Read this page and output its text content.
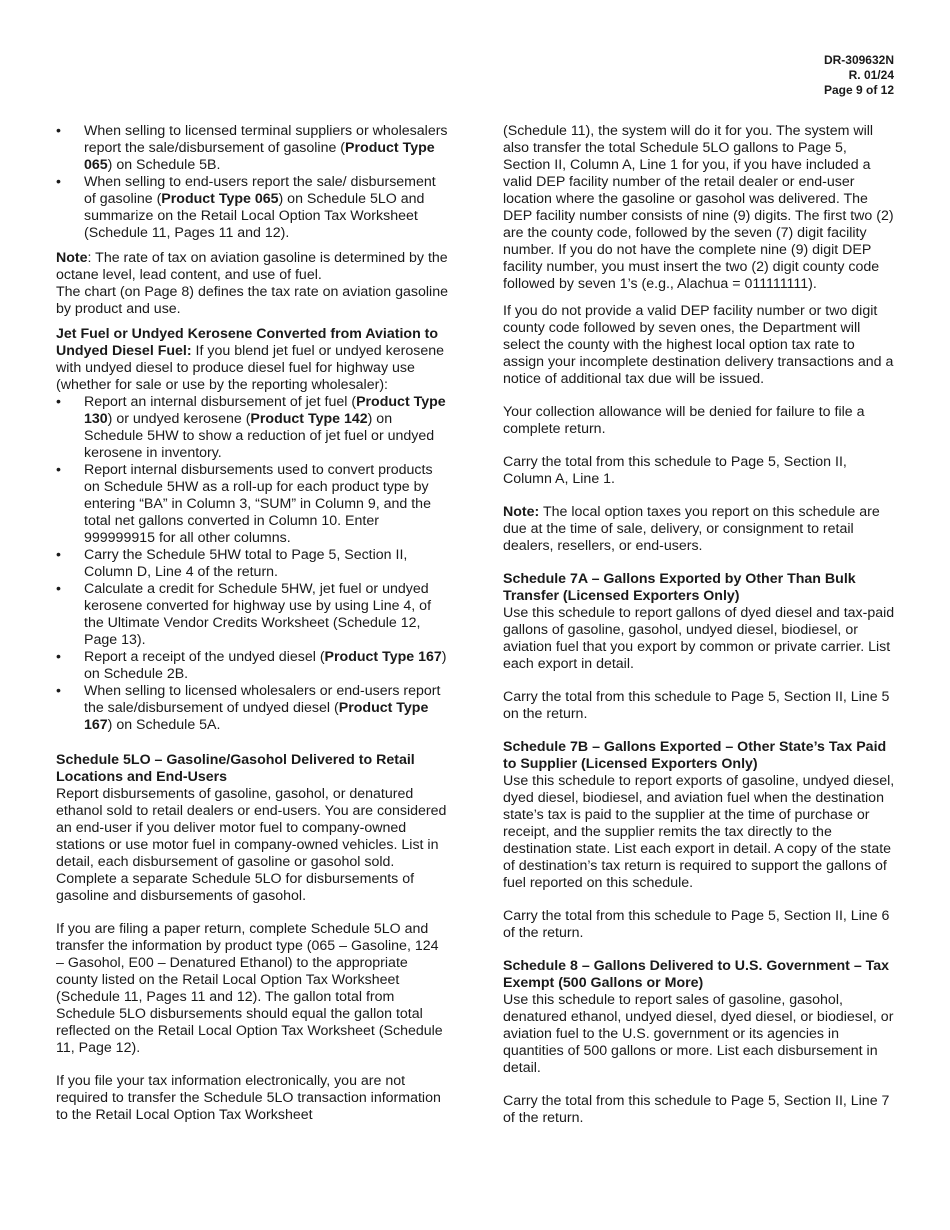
DR-309632N
R. 01/24
Page 9 of 12
• When selling to licensed terminal suppliers or wholesalers report the sale/disbursement of gasoline (Product Type 065) on Schedule 5B.
• When selling to end-users report the sale/ disbursement of gasoline (Product Type 065) on Schedule 5LO and summarize on the Retail Local Option Tax Worksheet (Schedule 11, Pages 11 and 12).

Note: The rate of tax on aviation gasoline is determined by the octane level, lead content, and use of fuel.

The chart (on Page 8) defines the tax rate on aviation gasoline by product and use.

Jet Fuel or Undyed Kerosene Converted from Aviation to Undyed Diesel Fuel: If you blend jet fuel or undyed kerosene with undyed diesel to produce diesel fuel for highway use (whether for sale or use by the reporting wholesaler):

• Report an internal disbursement of jet fuel (Product Type 130) or undyed kerosene (Product Type 142) on Schedule 5HW to show a reduction of jet fuel or undyed kerosene in inventory.
• Report internal disbursements used to convert products on Schedule 5HW as a roll-up for each product type by entering “BA” in Column 3, “SUM” in Column 9, and the total net gallons converted in Column 10. Enter 999999915 for all other columns.
• Carry the Schedule 5HW total to Page 5, Section II, Column D, Line 4 of the return.
• Calculate a credit for Schedule 5HW, jet fuel or undyed kerosene converted for highway use by using Line 4, of the Ultimate Vendor Credits Worksheet (Schedule 12, Page 13).
• Report a receipt of the undyed diesel (Product Type 167) on Schedule 2B.
• When selling to licensed wholesalers or end-users report the sale/disbursement of undyed diesel (Product Type 167) on Schedule 5A.
Schedule 5LO – Gasoline/Gasohol Delivered to Retail Locations and End-Users

Report disbursements of gasoline, gasohol, or denatured ethanol sold to retail dealers or end-users. You are considered an end-user if you deliver motor fuel to company-owned stations or use motor fuel in company-owned vehicles. List in detail, each disbursement of gasoline or gasohol sold. Complete a separate Schedule 5LO for disbursements of gasoline and disbursements of gasohol.

If you are filing a paper return, complete Schedule 5LO and transfer the information by product type (065 – Gasoline, 124 – Gasohol, E00 – Denatured Ethanol) to the appropriate county listed on the Retail Local Option Tax Worksheet (Schedule 11, Pages 11 and 12). The gallon total from Schedule 5LO disbursements should equal the gallon total reflected on the Retail Local Option Tax Worksheet (Schedule 11, Page 12).

If you file your tax information electronically, you are not required to transfer the Schedule 5LO transaction information to the Retail Local Option Tax Worksheet

(Schedule 11), the system will do it for you. The system will also transfer the total Schedule 5LO gallons to Page 5, Section II, Column A, Line 1 for you, if you have included a valid DEP facility number of the retail dealer or end-user location where the gasoline or gasohol was delivered. The DEP facility number consists of nine (9) digits. The first two (2) are the county code, followed by the seven (7) digit facility number. If you do not have the complete nine (9) digit DEP facility number, you must insert the two (2) digit county code followed by seven 1’s (e.g., Alachua = 011111111).

If you do not provide a valid DEP facility number or two digit county code followed by seven ones, the Department will select the county with the highest local option tax rate to assign your incomplete destination delivery transactions and a notice of additional tax due will be issued.

Your collection allowance will be denied for failure to file a complete return.

Carry the total from this schedule to Page 5, Section II, Column A, Line 1.

Note: The local option taxes you report on this schedule are due at the time of sale, delivery, or consignment to retail dealers, resellers, or end-users.

Schedule 7A – Gallons Exported by Other Than Bulk Transfer (Licensed Exporters Only)

Use this schedule to report gallons of dyed diesel and tax-paid gallons of gasoline, gasohol, undyed diesel, biodiesel, or aviation fuel that you export by common or private carrier. List each export in detail.

Carry the total from this schedule to Page 5, Section II, Line 5 on the return.

Schedule 7B – Gallons Exported – Other State’s Tax Paid to Supplier (Licensed Exporters Only)

Use this schedule to report exports of gasoline, undyed diesel, dyed diesel, biodiesel, and aviation fuel when the destination state’s tax is paid to the supplier at the time of purchase or receipt, and the supplier remits the tax directly to the destination state. List each export in detail. A copy of the state of destination’s tax return is required to support the gallons of fuel reported on this schedule.

Carry the total from this schedule to Page 5, Section II, Line 6 of the return.

Schedule 8 – Gallons Delivered to U.S. Government – Tax Exempt (500 Gallons or More)

Use this schedule to report sales of gasoline, gasohol, denatured ethanol, undyed diesel, dyed diesel, or biodiesel, or aviation fuel to the U.S. government or its agencies in quantities of 500 gallons or more. List each disbursement in detail.

Carry the total from this schedule to Page 5, Section II, Line 7 of the return.
